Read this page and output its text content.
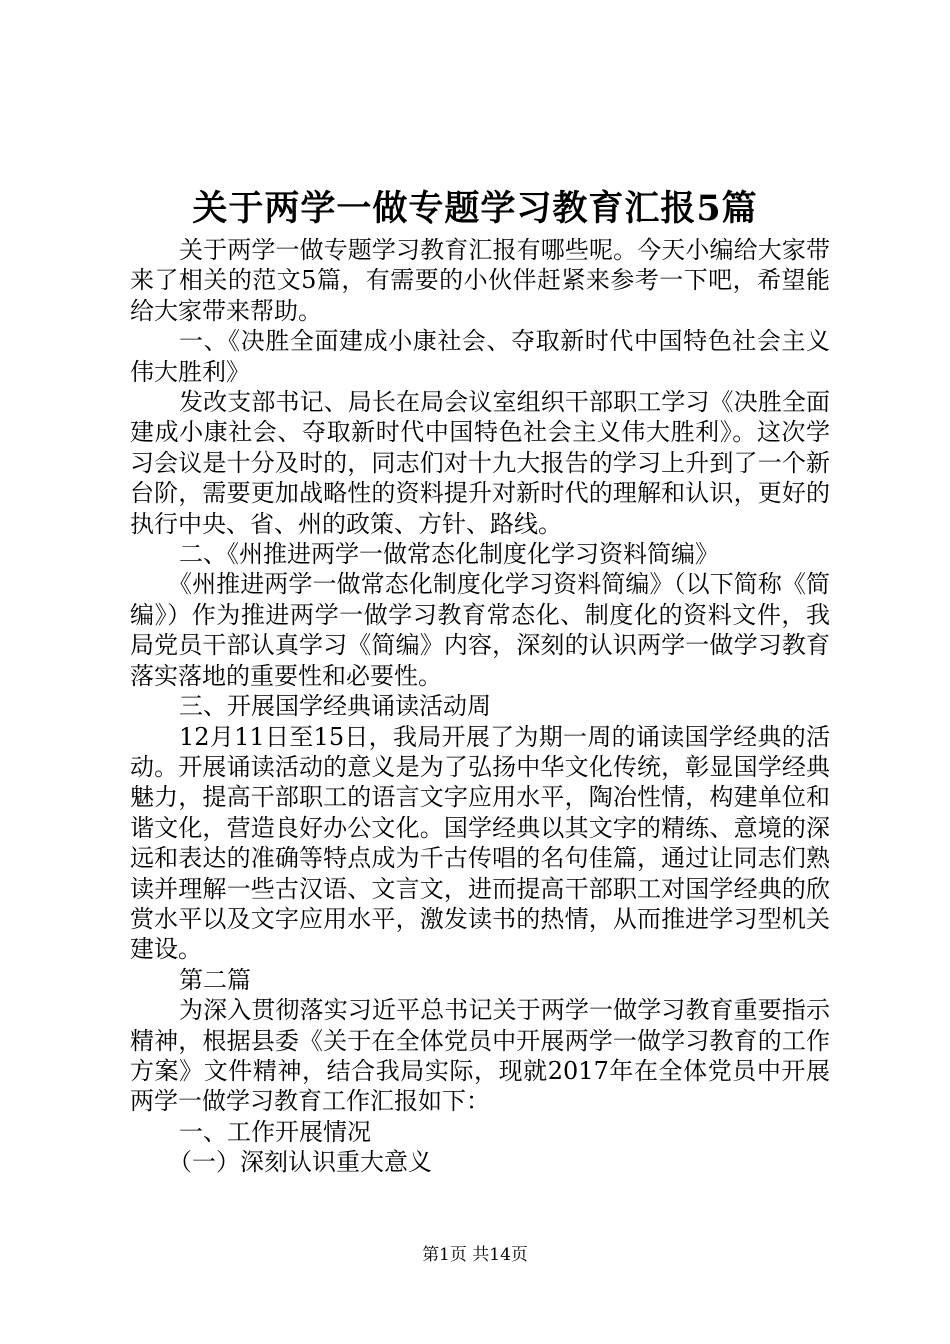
关于两学一做专题学习教育汇报5篇

关于两学一做专题学习教育汇报有哪些呢。今天小编给大家带来了相关的范文5篇，有需要的小伙伴赶紧来参考一下吧，希望能给大家带来帮助。

一、《决胜全面建成小康社会、夺取新时代中国特色社会主义伟大胜利》

发改支部书记、局长在局会议室组织干部职工学习《决胜全面建成小康社会、夺取新时代中国特色社会主义伟大胜利》。这次学习会议是十分及时的，同志们对十九大报告的学习上升到了一个新台阶，需要更加战略性的资料提升对新时代的理解和认识，更好的执行中央、省、州的政策、方针、路线。

二、《州推进两学一做常态化制度化学习资料简编》

《州推进两学一做常态化制度化学习资料简编》（以下简称《简编》）作为推进两学一做学习教育常态化、制度化的资料文件，我局党员干部认真学习《简编》内容，深刻的认识两学一做学习教育落实落地的重要性和必要性。

三、开展国学经典诵读活动周

12月11日至15日，我局开展了为期一周的诵读国学经典的活动。开展诵读活动的意义是为了弘扬中华文化传统，彰显国学经典魅力，提高干部职工的语言文字应用水平，陶冶性情，构建单位和谐文化，营造良好办公文化。国学经典以其文字的精练、意境的深远和表达的准确等特点成为千古传唱的名句佳篇，通过让同志们熟读并理解一些古汉语、文言文，进而提高干部职工对国学经典的欣赏水平以及文字应用水平，激发读书的热情，从而推进学习型机关建设。

第二篇

为深入贯彻落实习近平总书记关于两学一做学习教育重要指示精神，根据县委《关于在全体党员中开展两学一做学习教育的工作方案》文件精神，结合我局实际，现就2017年在全体党员中开展两学一做学习教育工作汇报如下：

一、工作开展情况

（一）深刻认识重大意义

第1页 共14页
